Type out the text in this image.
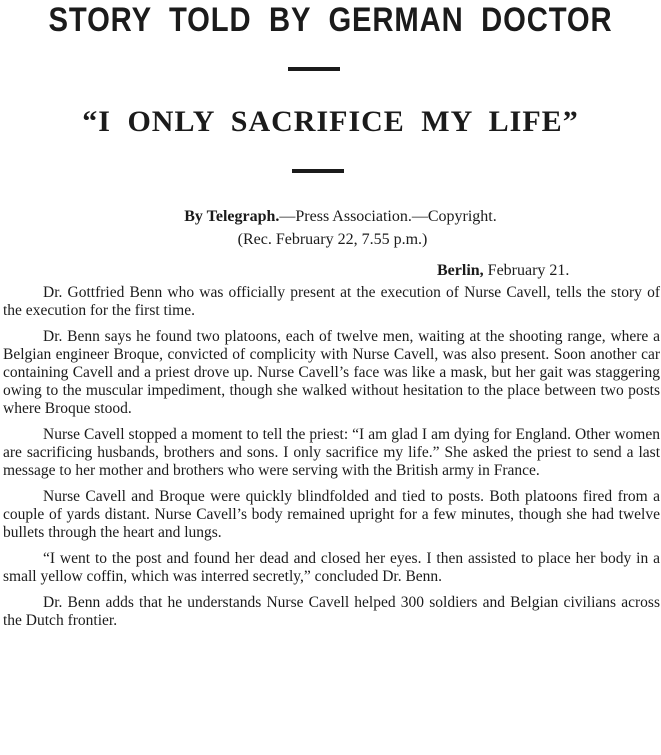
STORY TOLD BY GERMAN DOCTOR
“I ONLY SACRIFICE MY LIFE”
By Telegraph.—Press Association.—Copyright.
(Rec. February 22, 7.55 p.m.)
Berlin, February 21.

Dr. Gottfried Benn who was officially present at the execution of Nurse Cavell, tells the story of the execution for the first time.

Dr. Benn says he found two platoons, each of twelve men, waiting at the shooting range, where a Belgian engineer Broque, convicted of complicity with Nurse Cavell, was also present. Soon another car containing Cavell and a priest drove up. Nurse Cavell’s face was like a mask, but her gait was staggering owing to the muscular impediment, though she walked without hesitation to the place between two posts where Broque stood.

Nurse Cavell stopped a moment to tell the priest: “I am glad I am dying for England. Other women are sacrificing husbands, brothers and sons. I only sacrifice my life.” She asked the priest to send a last message to her mother and brothers who were serving with the British army in France.

Nurse Cavell and Broque were quickly blindfolded and tied to posts. Both platoons fired from a couple of yards distant. Nurse Cavell’s body remained upright for a few minutes, though she had twelve bullets through the heart and lungs.

“I went to the post and found her dead and closed her eyes. I then assisted to place her body in a small yellow coffin, which was interred secretly,” concluded Dr. Benn.

Dr. Benn adds that he understands Nurse Cavell helped 300 soldiers and Belgian civilians across the Dutch frontier.
